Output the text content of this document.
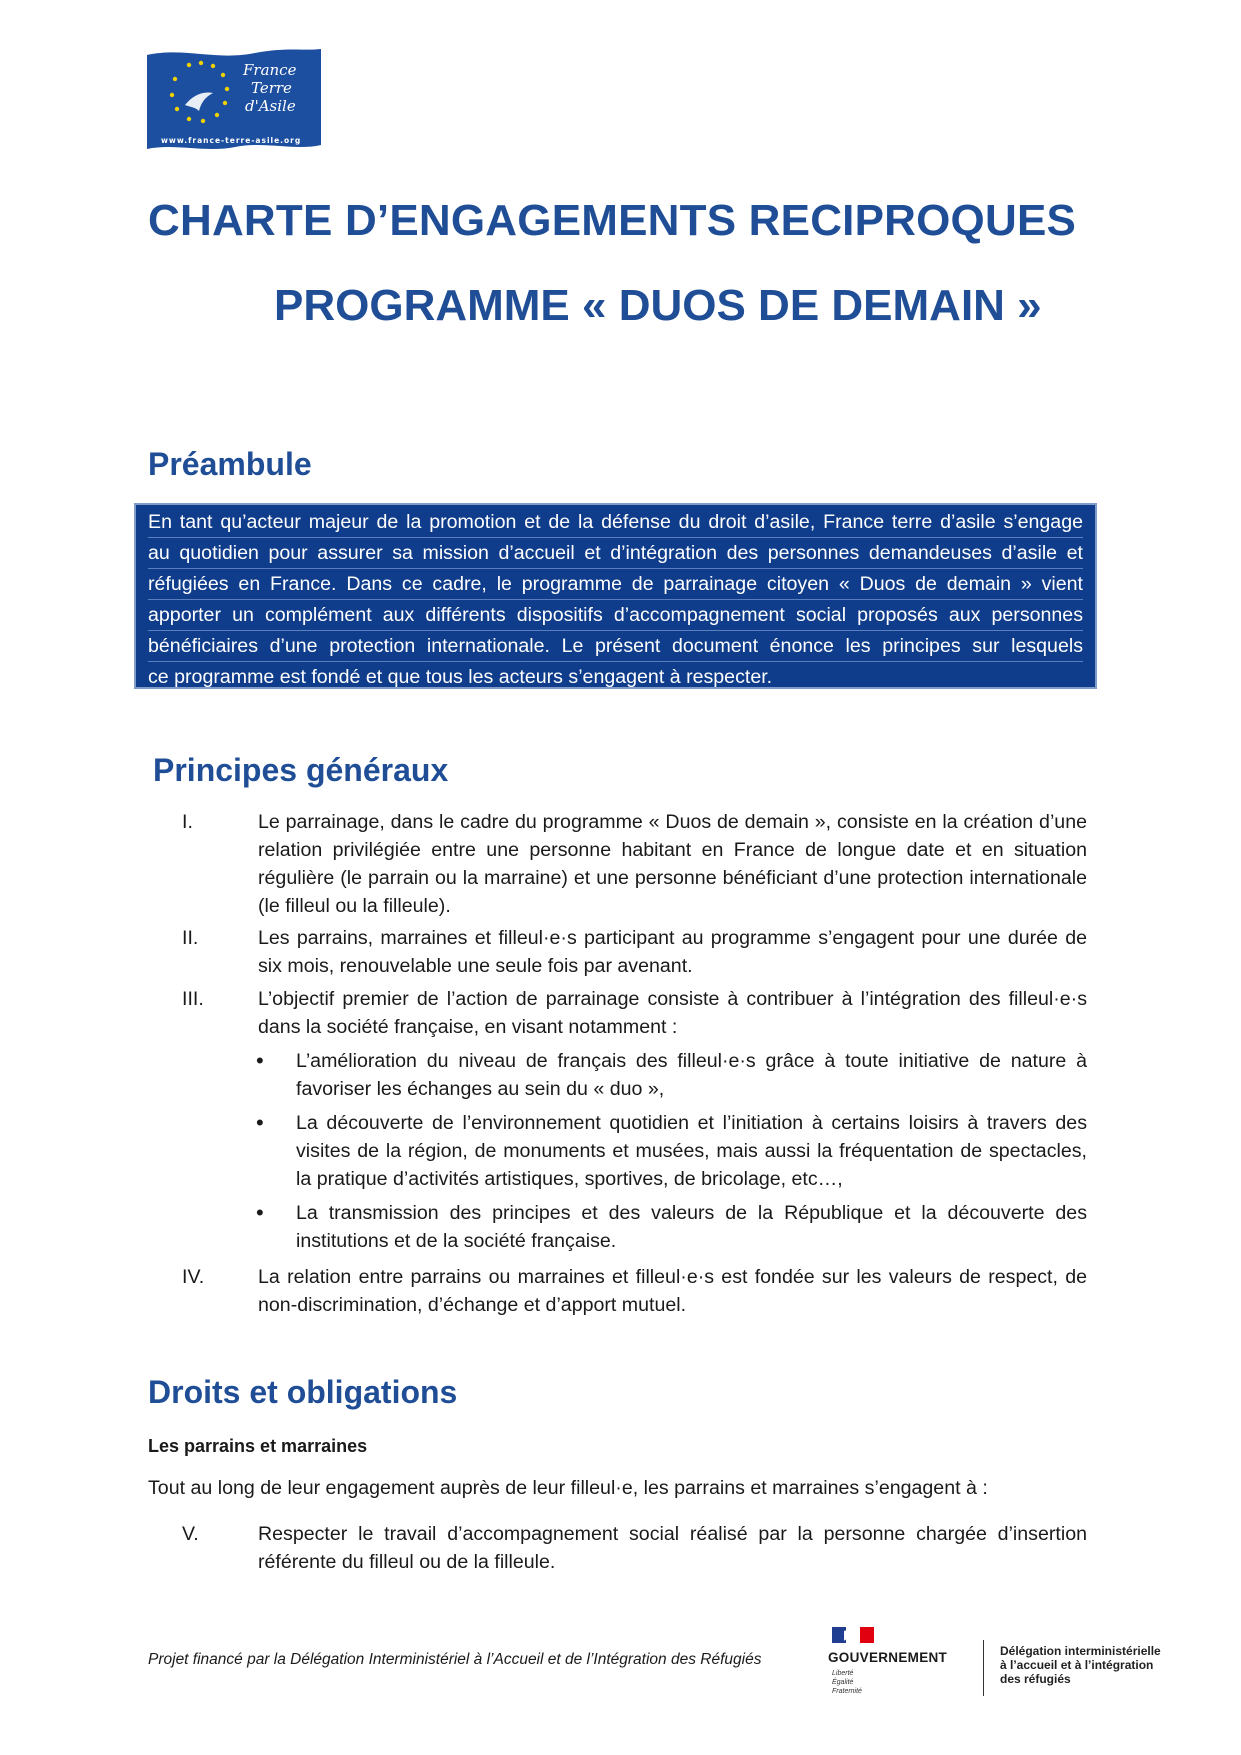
France
Terre
d'Asile
www.france-terre-asile.org
CHARTE D’ENGAGEMENTS RECIPROQUES
PROGRAMME « DUOS DE DEMAIN »
Préambule
En tant qu’acteur majeur de la promotion et de la défense du droit d’asile, France terre d’asile s’engage
au quotidien pour assurer sa mission d’accueil et d’intégration des personnes demandeuses d’asile et
réfugiées en France. Dans ce cadre, le programme de parrainage citoyen « Duos de demain » vient
apporter un complément aux différents dispositifs d’accompagnement social proposés aux personnes
bénéficiaires d’une protection internationale. Le présent document énonce les principes sur lesquels
ce programme est fondé et que tous les acteurs s’engagent à respecter.
Principes généraux
I.	Le parrainage, dans le cadre du programme « Duos de demain », consiste en la création d’une relation privilégiée entre une personne habitant en France de longue date et en situation régulière (le parrain ou la marraine) et une personne bénéficiant d’une protection internationale (le filleul ou la filleule).
II.	Les parrains, marraines et filleul·e·s participant au programme s’engagent pour une durée de six mois, renouvelable une seule fois par avenant.
III.	L’objectif premier de l’action de parrainage consiste à contribuer à l’intégration des filleul·e·s dans la société française, en visant notamment :
• L’amélioration du niveau de français des filleul·e·s grâce à toute initiative de nature à favoriser les échanges au sein du « duo »,
• La découverte de l’environnement quotidien et l’initiation à certains loisirs à travers des visites de la région, de monuments et musées, mais aussi la fréquentation de spectacles, la pratique d’activités artistiques, sportives, de bricolage, etc…,
• La transmission des principes et des valeurs de la République et la découverte des institutions et de la société française.
IV.	La relation entre parrains ou marraines et filleul·e·s est fondée sur les valeurs de respect, de non-discrimination, d’échange et d’apport mutuel.
Droits et obligations
Les parrains et marraines
Tout au long de leur engagement auprès de leur filleul·e, les parrains et marraines s’engagent à :
V.	Respecter le travail d’accompagnement social réalisé par la personne chargée d’insertion référente du filleul ou de la filleule.
Projet financé par la Délégation Interministériel à l’Accueil et de l’Intégration des Réfugiés	GOUVERNEMENT
Liberté
Égalité
Fraternité
Délégation interministérielle
à l’accueil et à l’intégration
des réfugiés
